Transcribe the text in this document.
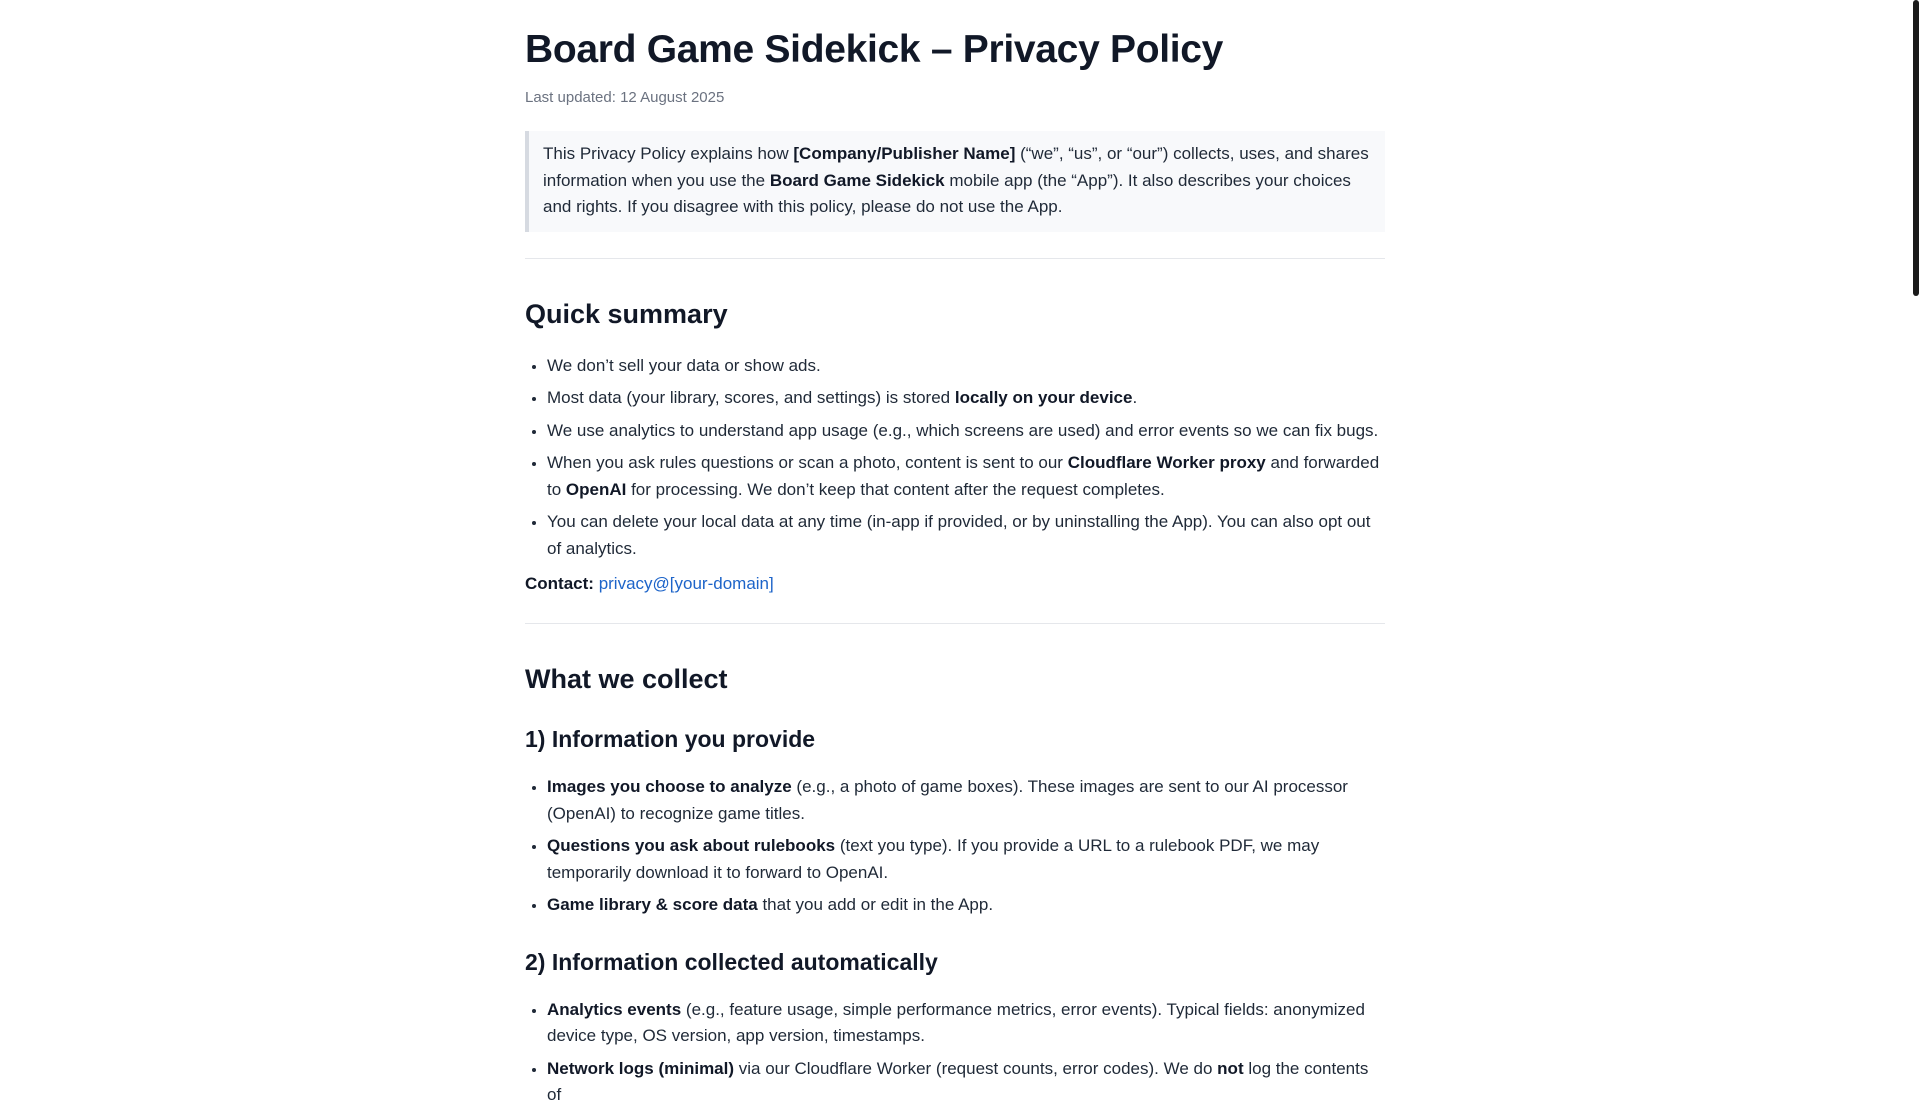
Board Game Sidekick – Privacy Policy
Last updated: 12 August 2025
This Privacy Policy explains how [Company/Publisher Name] (“we”, “us”, or “our”) collects, uses, and shares information when you use the Board Game Sidekick mobile app (the “App”). It also describes your choices and rights. If you disagree with this policy, please do not use the App.
Quick summary
• We don’t sell your data or show ads.
• Most data (your library, scores, and settings) is stored locally on your device.
• We use analytics to understand app usage (e.g., which screens are used) and error events so we can fix bugs.
• When you ask rules questions or scan a photo, content is sent to our Cloudflare Worker proxy and forwarded to OpenAI for processing. We don’t keep that content after the request completes.
• You can delete your local data at any time (in-app if provided, or by uninstalling the App). You can also opt out of analytics.
Contact: privacy@[your-domain]
What we collect
1) Information you provide
• Images you choose to analyze (e.g., a photo of game boxes). These images are sent to our AI processor (OpenAI) to recognize game titles.
• Questions you ask about rulebooks (text you type). If you provide a URL to a rulebook PDF, we may temporarily download it to forward to OpenAI.
• Game library & score data that you add or edit in the App.
2) Information collected automatically
• Analytics events (e.g., feature usage, simple performance metrics, error events). Typical fields: anonymized device type, OS version, app version, timestamps.
• Network logs (minimal) via our Cloudflare Worker (request counts, error codes). We do not log the contents of
